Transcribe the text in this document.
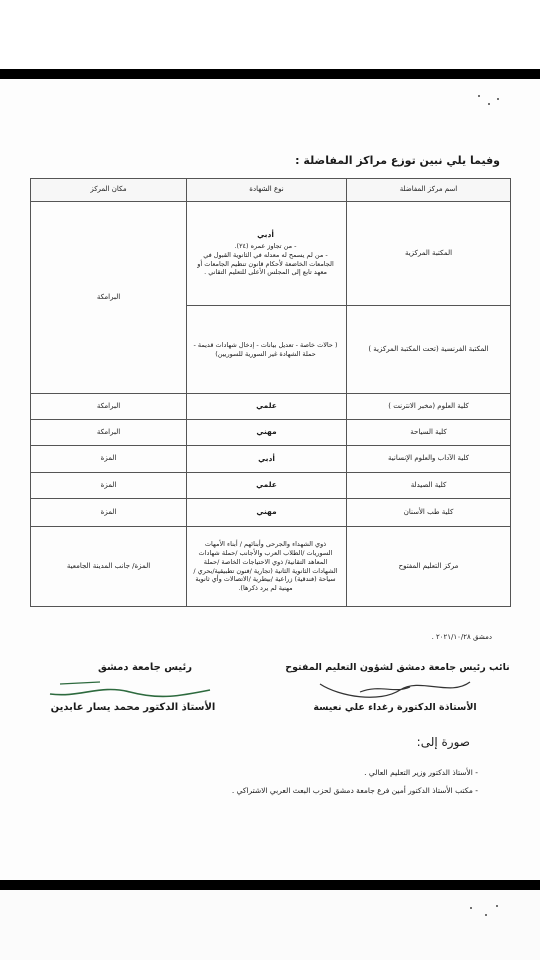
وفيما يلي نبين توزع مراكز المفاضلة :
اسم مركز المفاضلة	نوع الشهادة	مكان المركز
المكتبة المركزية	أدبي
- من تجاوز عمره (٢٤).
- من لم يسمح له معدله في الثانوية القبول في الجامعات الخاضعة لأحكام قانون تنظيم الجامعات أو معهد تابع إلى المجلس الأعلى للتعليم التقاني .	البرامكة
المكتبة الفرنسية (تحت المكتبة المركزية )	( حالات خاصة - تعديل بيانات - إدخال شهادات قديمة - حملة الشهادة غير السورية للسوريين)	
كلية العلوم (مخبر الانترنت )	علمي	البرامكة
كلية السياحة	مهني	البرامكة
كلية الآداب والعلوم الإنسانية	أدبي	المزة
كلية الصيدلة	علمي	المزة
كلية طب الأسنان	مهني	المزة
مركز التعليم المفتوح	ذوي الشهداء والجرحى وأبنائهم / أبناء الأمهات السوريات /الطلاب العرب والأجانب /حملة شهادات المعاهد التقانية/ ذوي الاحتياجات الخاصة /حملة الشهادات الثانوية الثانية (تجارية /فنون تطبيقية/بحري /سياحة (فندقية) زراعية /بيطرية /الاتصالات وأي ثانوية مهنية لم يرد ذكرها).	المزة/ جانب المدينة الجامعية
دمشق ٢٠٢١/١٠/٢٨ .
نائب رئيس جامعة دمشق لشؤون التعليم المفتوح
الأستاذة الدكتورة رغداء علي نعيسة
رئيس جامعة دمشق
الأستاذ الدكتور محمد يسار عابدين
صورة إلى:
- الأستاذ الدكتور وزير التعليم العالي .
- مكتب الأستاذ الدكتور أمين فرع جامعة دمشق لحزب البعث العربي الاشتراكي .
